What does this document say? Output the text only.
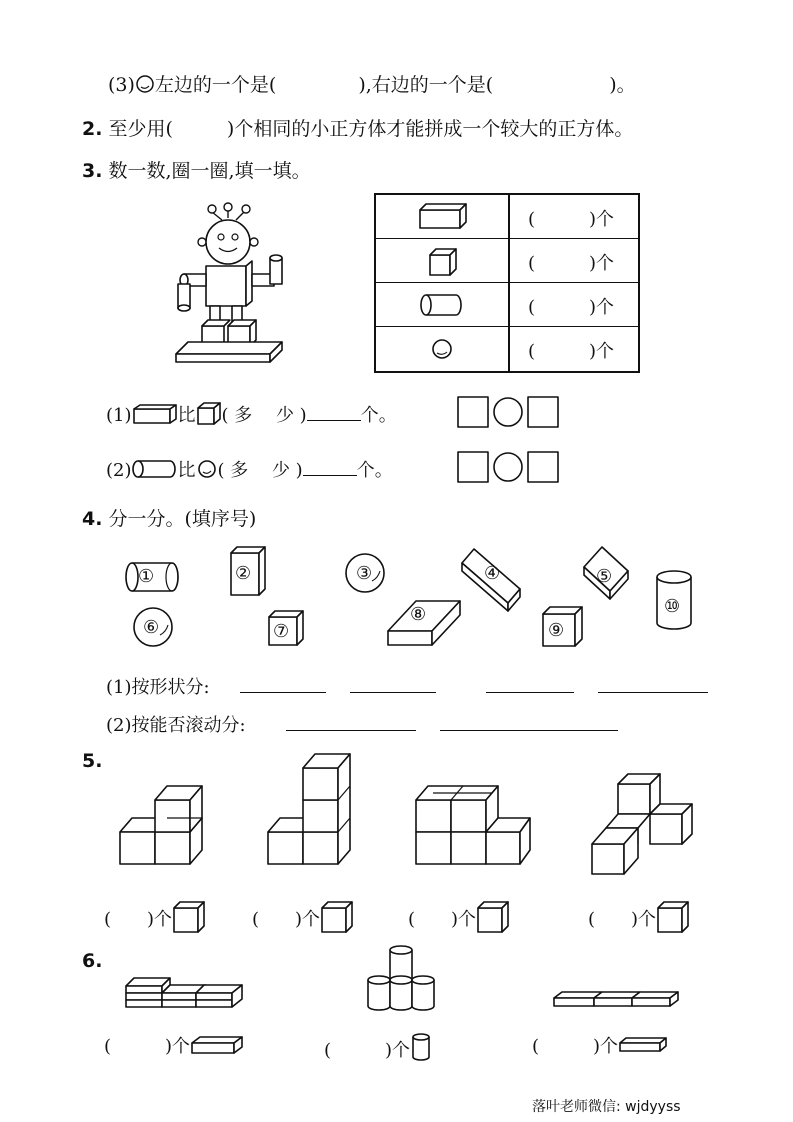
(3) 左边的一个是(	),右边的一个是(	)。
2. 至少用(	)个相同的小正方体才能拼成一个较大的正方体。
3. 数一数,圈一圈,填一填。
(　　　)个
(　　　)个
(　　　)个
(　　　)个
(1)	比 ( 多　 少 )	个。
(2)	比 ( 多　 少 )	个。
4. 分一分。(填序号)
①	②	③	④	⑤
⑩
⑥	⑦
⑧
⑨
(1)按形状分:
(2)按能否滚动分:
5.
(　　)个	(　　)个	(　　)个	(　　)个
6.
(　　　)个	(　　　)个	(　　　)个
落叶老师微信: wjdyyss
